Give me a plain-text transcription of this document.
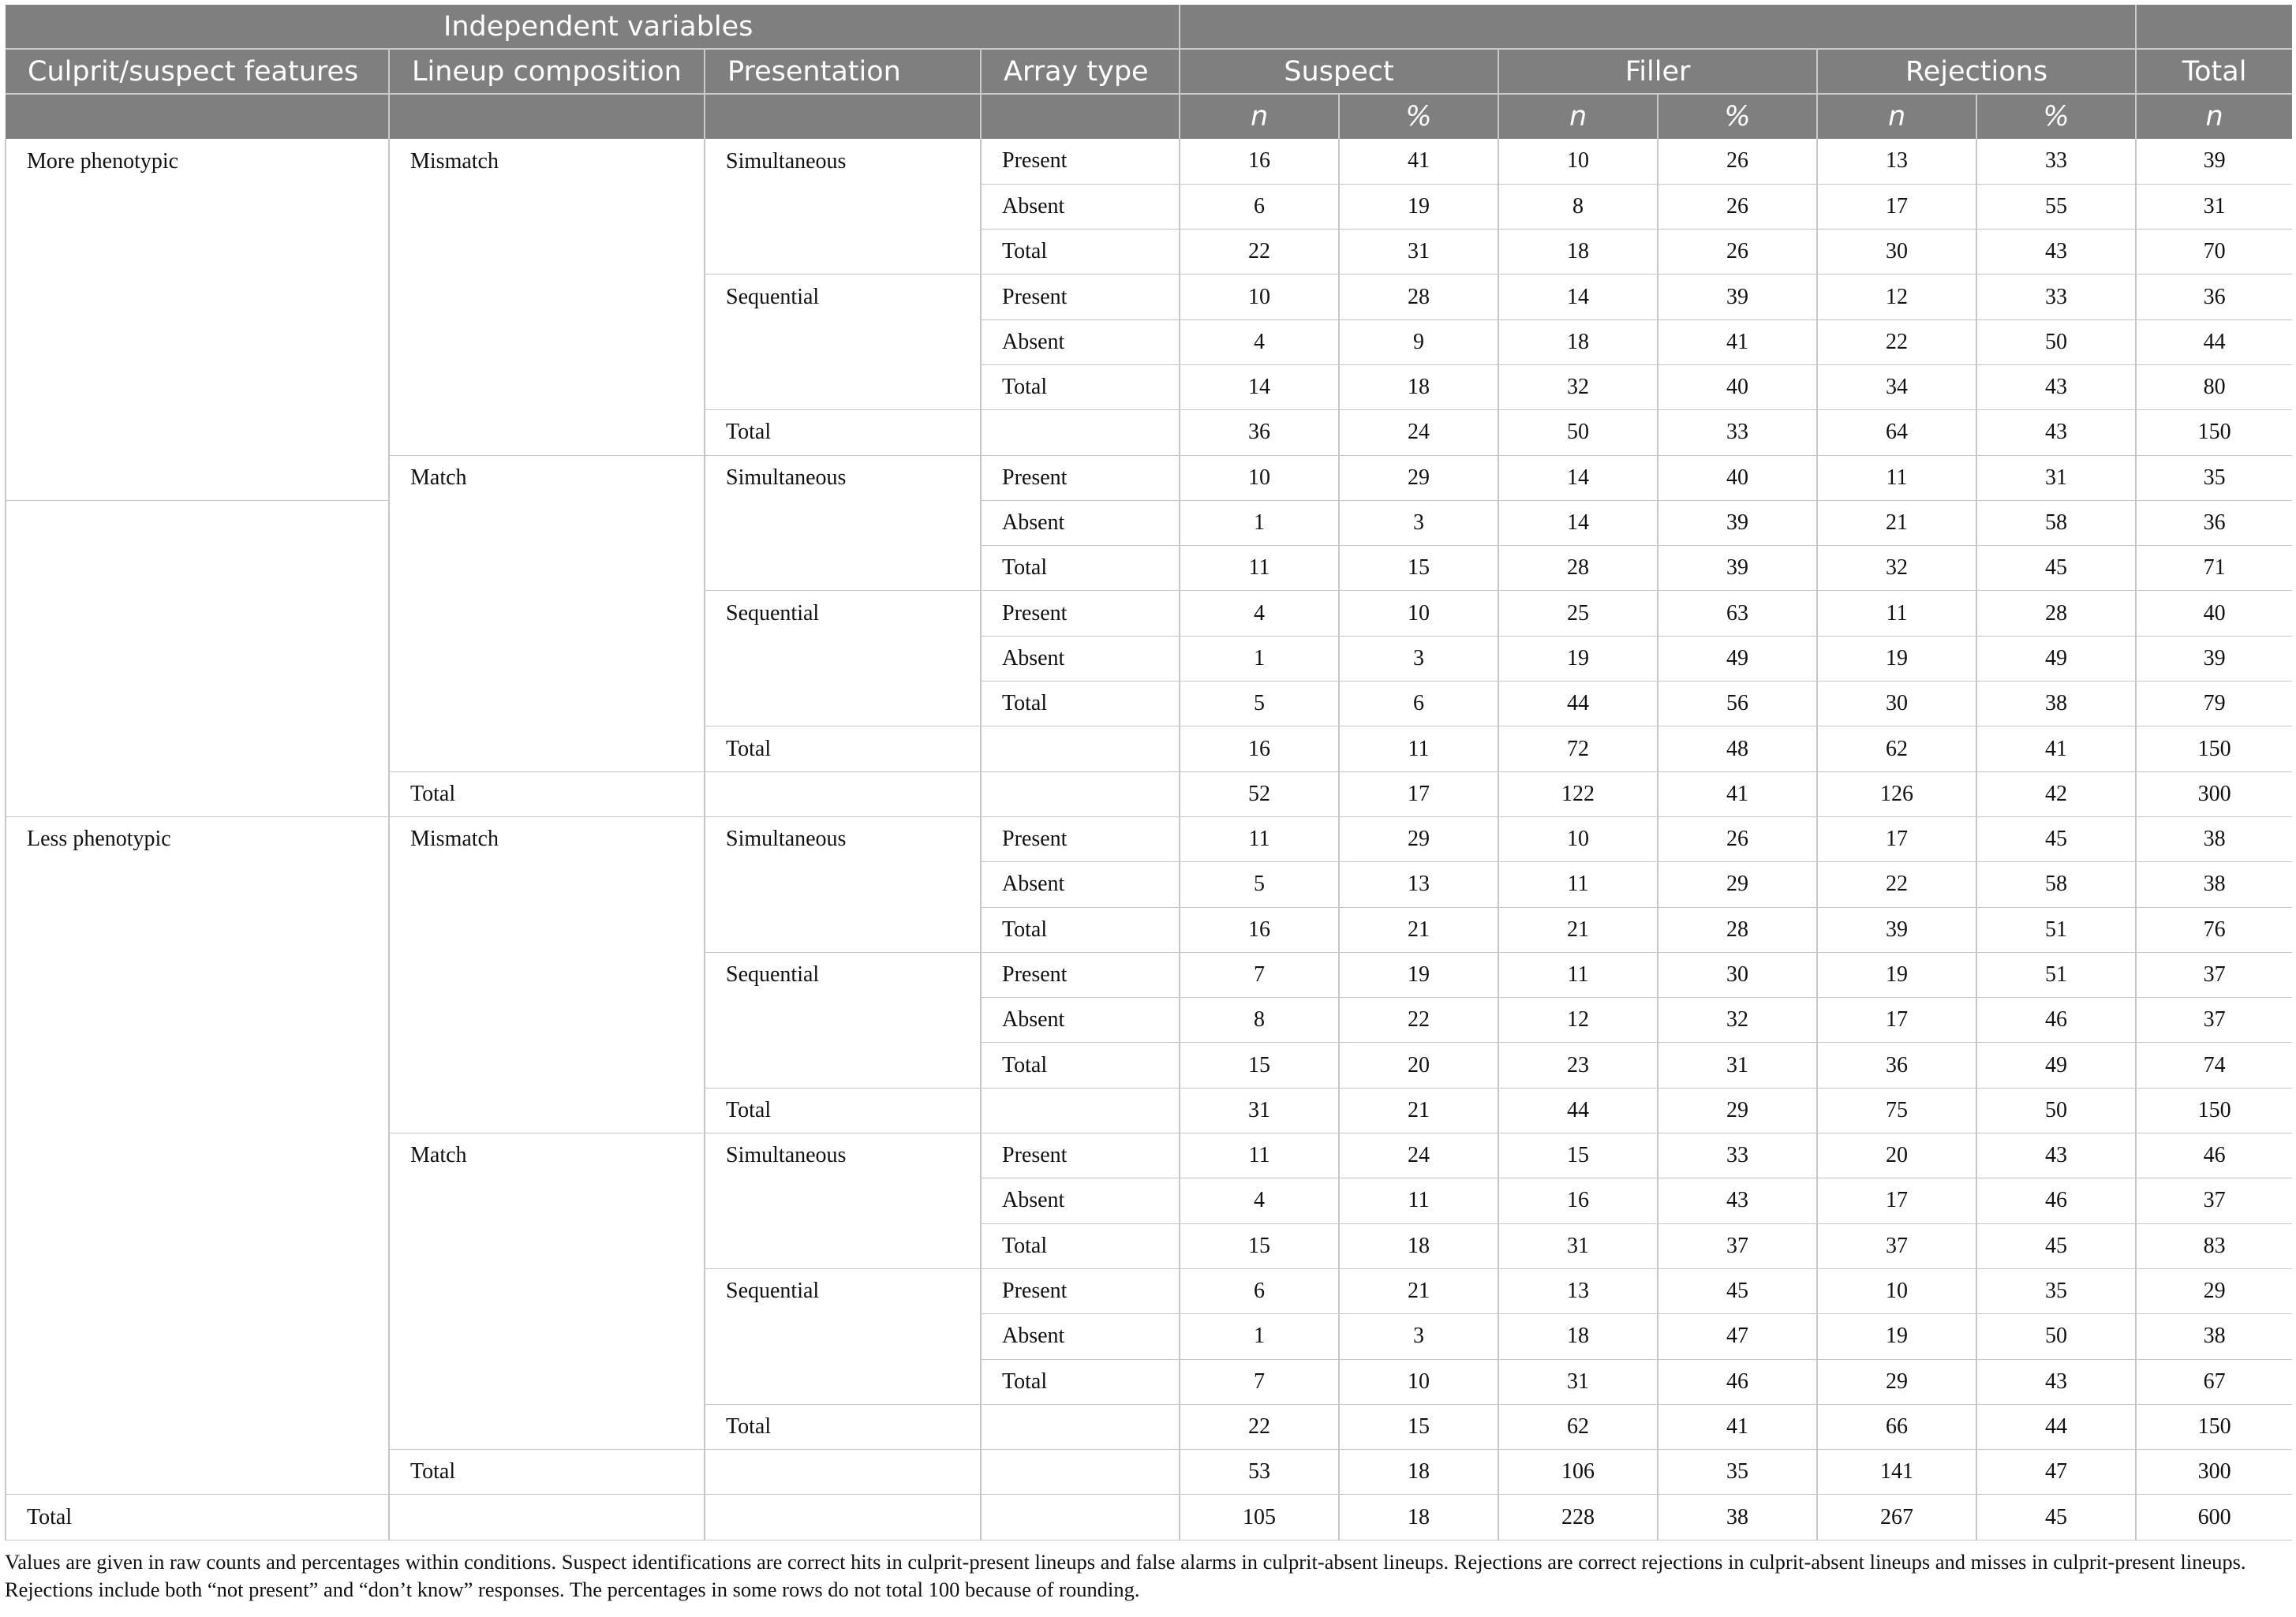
Independent variables										
Culprit/suspect features	Lineup composition	Presentation	Array type	Suspect		Filler		Rejections		Total
				n	%	n	%	n	%	n
More phenotypic	Mismatch	Simultaneous	Present	16	41	10	26	13	33	39
			Absent	6	19	8	26	17	55	31
			Total	22	31	18	26	30	43	70
		Sequential	Present	10	28	14	39	12	33	36
			Absent	4	9	18	41	22	50	44
			Total	14	18	32	40	34	43	80
		Total		36	24	50	33	64	43	150
	Match	Simultaneous	Present	10	29	14	40	11	31	35
			Absent	1	3	14	39	21	58	36
			Total	11	15	28	39	32	45	71
		Sequential	Present	4	10	25	63	11	28	40
			Absent	1	3	19	49	19	49	39
			Total	5	6	44	56	30	38	79
		Total		16	11	72	48	62	41	150
	Total			52	17	122	41	126	42	300
Less phenotypic	Mismatch	Simultaneous	Present	11	29	10	26	17	45	38
			Absent	5	13	11	29	22	58	38
			Total	16	21	21	28	39	51	76
		Sequential	Present	7	19	11	30	19	51	37
			Absent	8	22	12	32	17	46	37
			Total	15	20	23	31	36	49	74
		Total		31	21	44	29	75	50	150
	Match	Simultaneous	Present	11	24	15	33	20	43	46
			Absent	4	11	16	43	17	46	37
			Total	15	18	31	37	37	45	83
		Sequential	Present	6	21	13	45	10	35	29
			Absent	1	3	18	47	19	50	38
			Total	7	10	31	46	29	43	67
		Total		22	15	62	41	66	44	150
	Total			53	18	106	35	141	47	300
Total				105	18	228	38	267	45	600
Values are given in raw counts and percentages within conditions. Suspect identifications are correct hits in culprit-present lineups and false alarms in culprit-absent lineups. Rejections are correct rejections in culprit-absent lineups and misses in culprit-present lineups. Rejections include both “not present” and “don’t know” responses. The percentages in some rows do not total 100 because of rounding.
